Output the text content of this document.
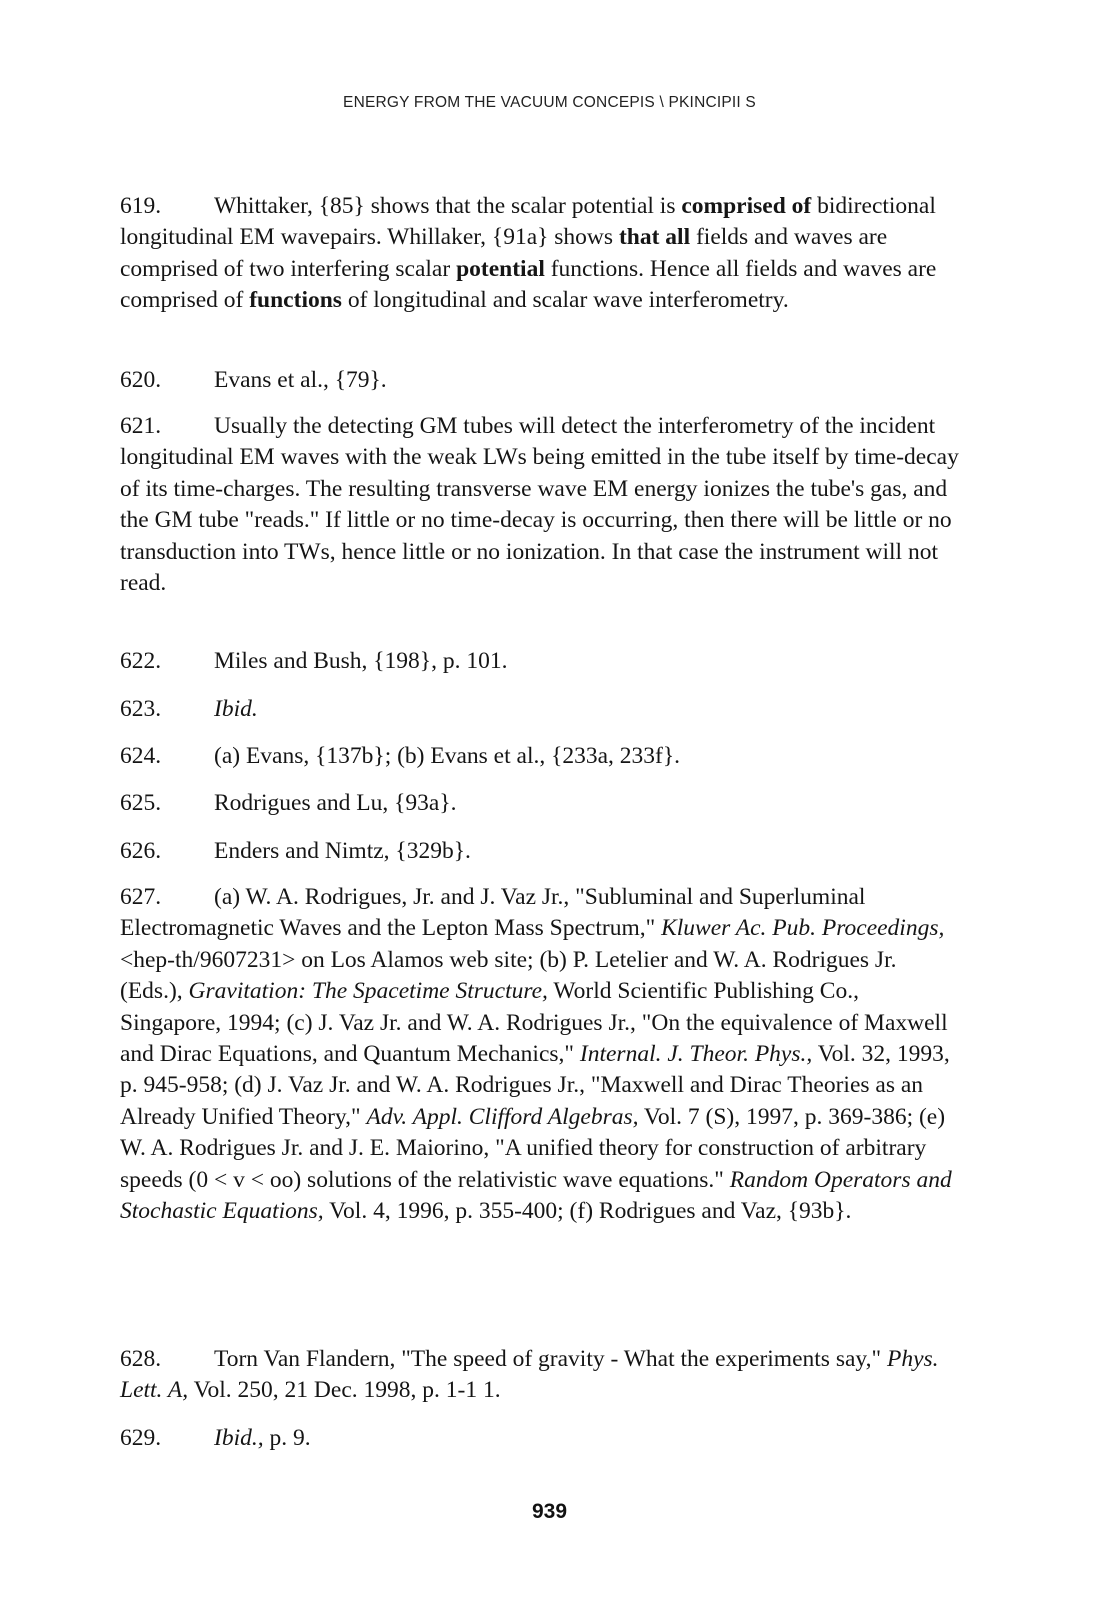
ENERGY FROM THE VACUUM CONCEPIS \ PKINCIPII S

619. Whittaker, {85} shows that the scalar potential is comprised of bidirectional longitudinal EM wavepairs. Whillaker, {91a} shows that all fields and waves are comprised of two interfering scalar potential functions. Hence all fields and waves are comprised of functions of longitudinal and scalar wave interferometry.

620. Evans et al., {79}.

621. Usually the detecting GM tubes will detect the interferometry of the incident longitudinal EM waves with the weak LWs being emitted in the tube itself by time-decay of its time-charges. The resulting transverse wave EM energy ionizes the tube's gas, and the GM tube "reads." If little or no time-decay is occurring, then there will be little or no transduction into TWs, hence little or no ionization. In that case the instrument will not read.

622. Miles and Bush, {198}, p. 101.

623. Ibid.

624. (a) Evans, {137b}; (b) Evans et al., {233a, 233f}.

625. Rodrigues and Lu, {93a}.

626. Enders and Nimtz, {329b}.

627. (a) W. A. Rodrigues, Jr. and J. Vaz Jr., "Subluminal and Superluminal Electromagnetic Waves and the Lepton Mass Spectrum," Kluwer Ac. Pub. Proceedings, <hep-th/9607231> on Los Alamos web site; (b) P. Letelier and W. A. Rodrigues Jr. (Eds.), Gravitation: The Spacetime Structure, World Scientific Publishing Co., Singapore, 1994; (c) J. Vaz Jr. and W. A. Rodrigues Jr., "On the equivalence of Maxwell and Dirac Equations, and Quantum Mechanics," Internal. J. Theor. Phys., Vol. 32, 1993, p. 945-958; (d) J. Vaz Jr. and W. A. Rodrigues Jr., "Maxwell and Dirac Theories as an Already Unified Theory," Adv. Appl. Clifford Algebras, Vol. 7 (S), 1997, p. 369-386; (e) W. A. Rodrigues Jr. and J. E. Maiorino, "A unified theory for construction of arbitrary speeds (0 < v < oo) solutions of the relativistic wave equations." Random Operators and Stochastic Equations, Vol. 4, 1996, p. 355-400; (f) Rodrigues and Vaz, {93b}.

628. Torn Van Flandern, "The speed of gravity - What the experiments say," Phys. Lett. A, Vol. 250, 21 Dec. 1998, p. 1-1 1.

629. Ibid., p. 9.

939
